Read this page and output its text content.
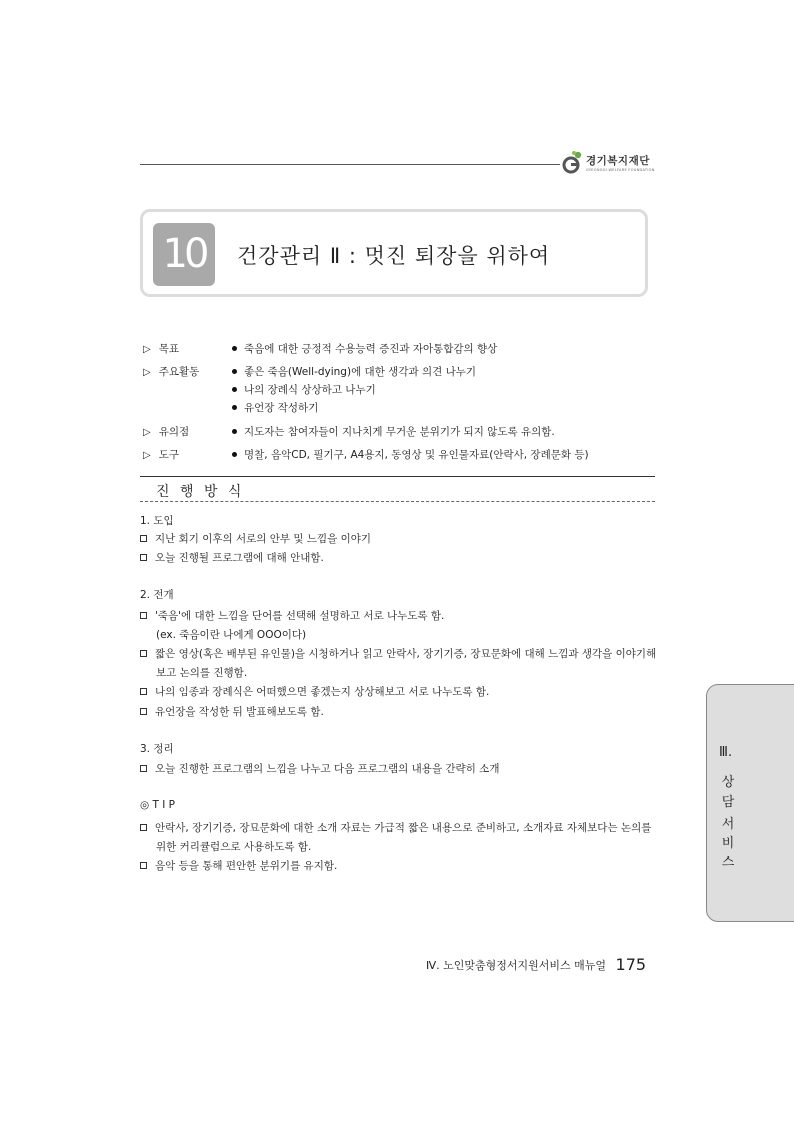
경기복지재단
GYEONGGI WELFARE FOUNDATION
10	건강관리 Ⅱ : 멋진 퇴장을 위하여
▷ 목표	죽음에 대한 긍정적 수용능력 증진과 자아통합감의 향상
▷ 주요활동	좋은 죽음(Well-dying)에 대한 생각과 의견 나누기
나의 장례식 상상하고 나누기
유언장 작성하기
▷ 유의점	지도자는 참여자들이 지나치게 무거운 분위기가 되지 않도록 유의함.
▷ 도구	명찰, 음악CD, 필기구, A4용지, 동영상 및 유인물자료(안락사, 장례문화 등)
진 행 방 식
1. 도입
지난 회기 이후의 서로의 안부 및 느낌을 이야기
오늘 진행될 프로그램에 대해 안내함.
2. 전개
'죽음'에 대한 느낌을 단어를 선택해 설명하고 서로 나누도록 함.
(ex. 죽음이란 나에게 OOO이다)
짧은 영상(혹은 배부된 유인물)을 시청하거나 읽고 안락사, 장기기증, 장묘문화에 대해 느낌과 생각을 이야기해
보고 논의를 진행함.
나의 임종과 장례식은 어떠했으면 좋겠는지 상상해보고 서로 나누도록 함.
유언장을 작성한 뒤 발표해보도록 함.
3. 정리
오늘 진행한 프로그램의 느낌을 나누고 다음 프로그램의 내용을 간략히 소개
◎ T I P
안락사, 장기기증, 장묘문화에 대한 소개 자료는 가급적 짧은 내용으로 준비하고, 소개자료 자체보다는 논의를
위한 커리큘럼으로 사용하도록 함.
음악 등을 통해 편안한 분위기를 유지함.
Ⅲ.
상
담
서
비
스
Ⅳ. 노인맞춤형정서지원서비스 매뉴얼 175
